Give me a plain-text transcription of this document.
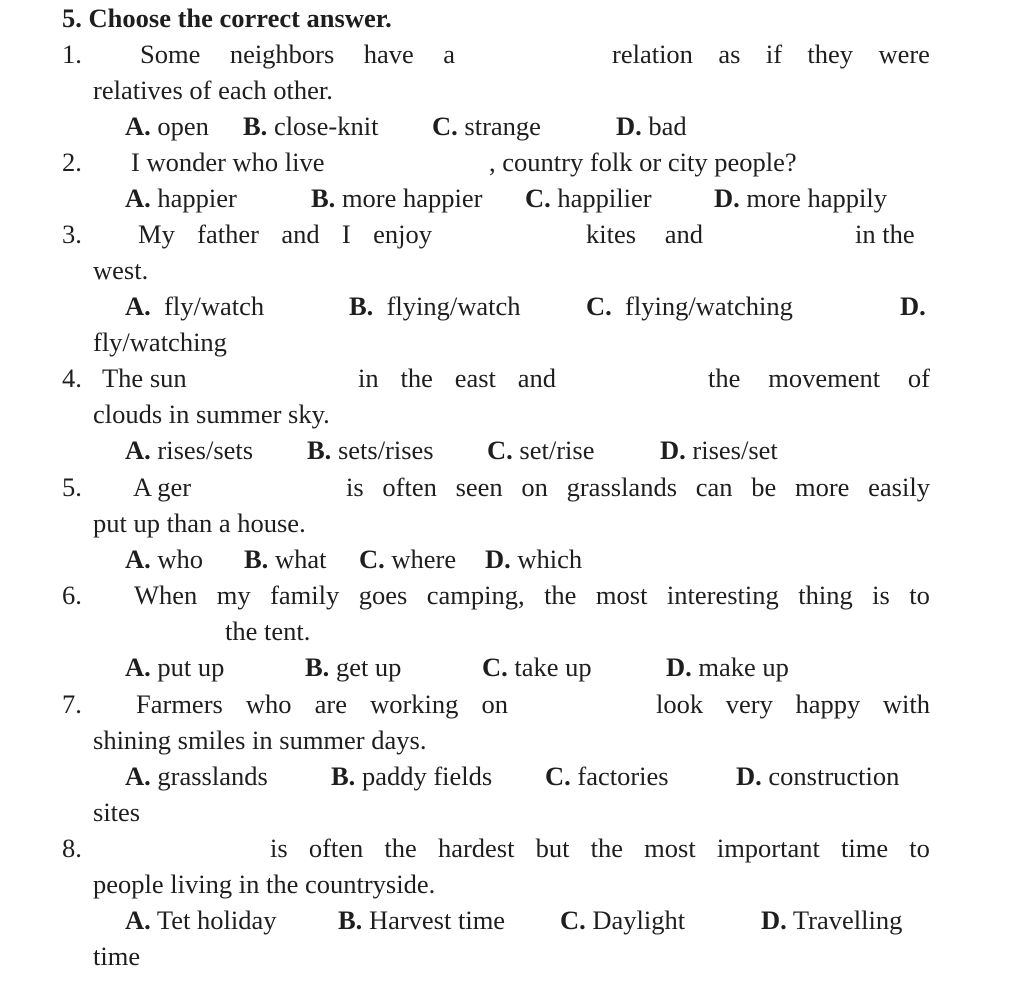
5. Choose the correct answer.
1. Some neighbors have a	relation as if they were
relatives of each other.
A. open B. close-knit C. strange	D. bad
2. I wonder who live	, country folk or city people?
A. happier	B. more happier C. happilier D. more happily
3. My father and I enjoy	kites and	in the
west.
A. fly/watch	B. flying/watch C. flying/watching	D.
fly/watching
4. The sun	in the east and	the movement of
clouds in summer sky.
A. rises/sets B. sets/rises C. set/rise D. rises/set
5. A ger	is often seen on grasslands can be more easily
put up than a house.
A. who B. what C. where D. which
6. When my family goes camping, the most interesting thing is to
the tent.
A. put up	B. get up	C. take up	D. make up
7. Farmers who are working on	look very happy with
shining smiles in summer days.
A. grasslands B. paddy fields C. factories	D. construction
sites
8.	is often the hardest but the most important time to
people living in the countryside.
A. Tet holiday B. Harvest time C. Daylight	D. Travelling
time
